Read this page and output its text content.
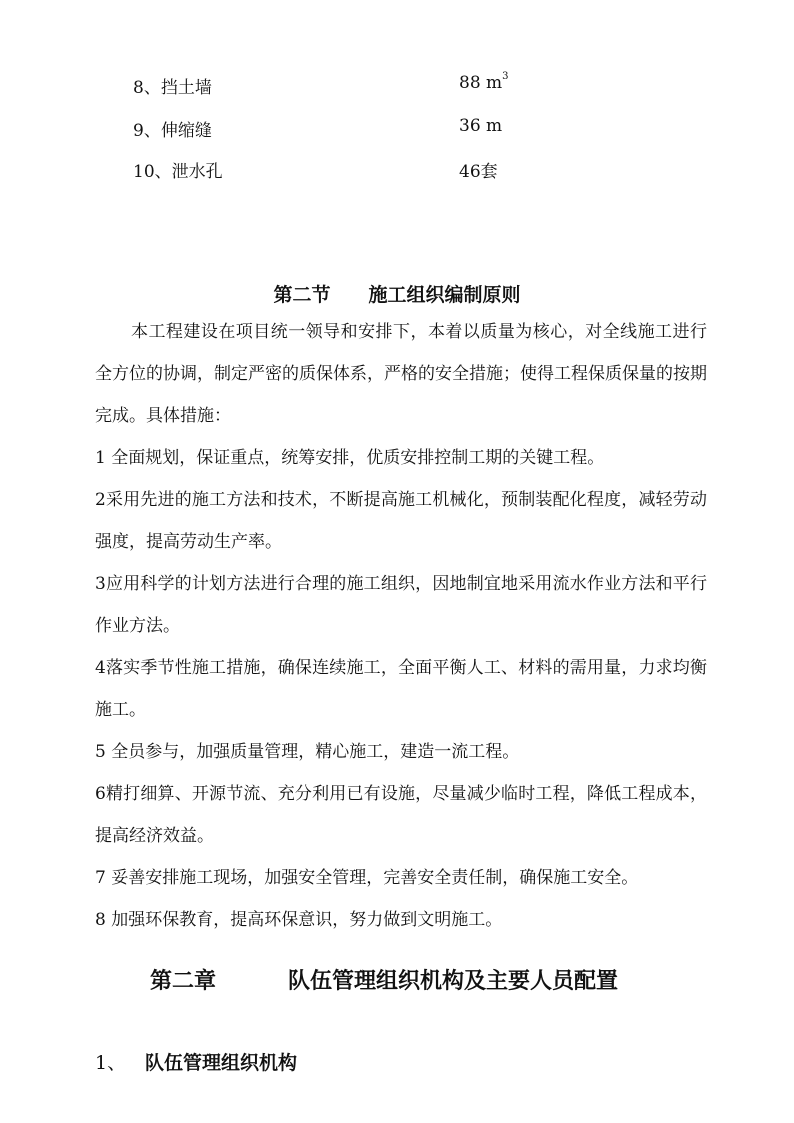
8、挡土墙	88 $m^3$
9、伸缩缝	36 m
10、泄水孔	46套
第二节 施工组织编制原则
本工程建设在项目统一领导和安排下，本着以质量为核心，对全线施工进行全方位的协调，制定严密的质保体系，严格的安全措施；使得工程保质保量的按期完成。具体措施：
1 全面规划，保证重点，统筹安排，优质安排控制工期的关键工程。
2采用先进的施工方法和技术，不断提高施工机械化，预制装配化程度，减轻劳动强度，提高劳动生产率。
3应用科学的计划方法进行合理的施工组织，因地制宜地采用流水作业方法和平行作业方法。
4落实季节性施工措施，确保连续施工，全面平衡人工、材料的需用量，力求均衡施工。
5 全员参与，加强质量管理，精心施工，建造一流工程。
6精打细算、开源节流、充分利用已有设施，尽量减少临时工程，降低工程成本，提高经济效益。
7 妥善安排施工现场，加强安全管理，完善安全责任制，确保施工安全。
8 加强环保教育，提高环保意识，努力做到文明施工。
第二章	队伍管理组织机构及主要人员配置
1、 队伍管理组织机构
